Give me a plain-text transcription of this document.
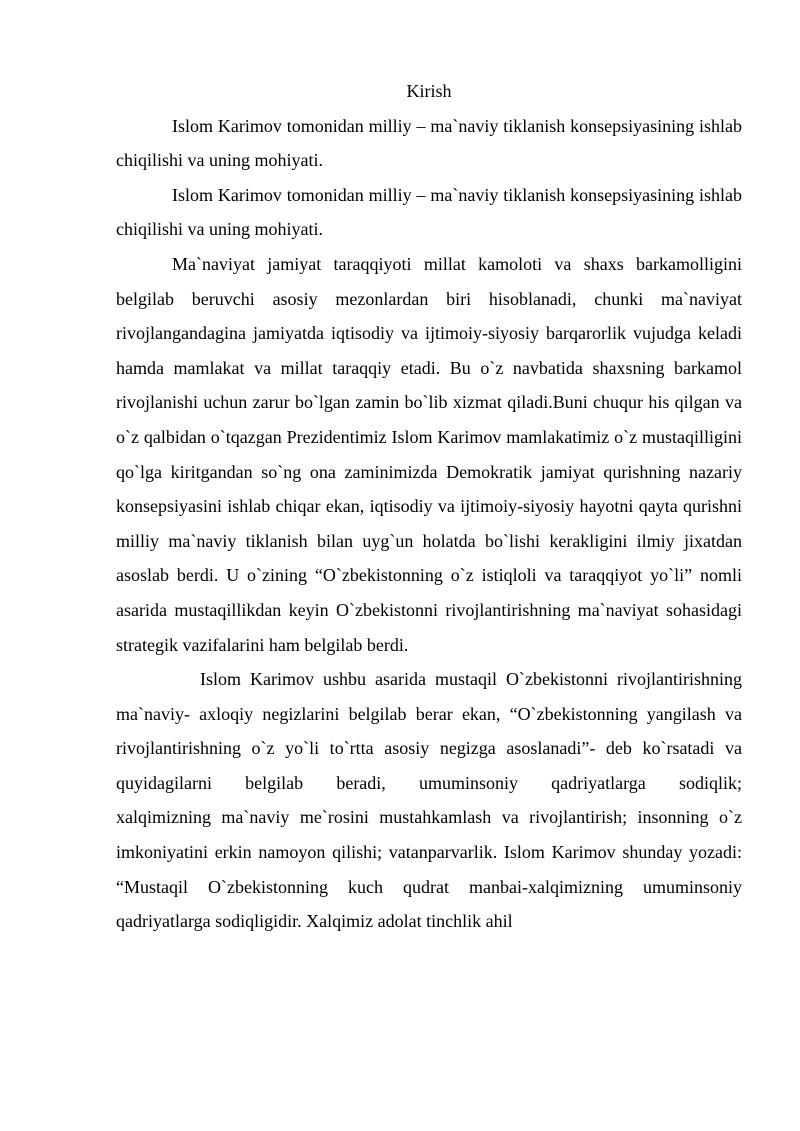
Kirish

Islom Karimov tomonidan milliy – ma`naviy tiklanish konsepsiyasining ishlab chiqilishi va uning mohiyati.

Islom Karimov tomonidan milliy – ma`naviy tiklanish konsepsiyasining ishlab chiqilishi va uning mohiyati.

Ma`naviyat jamiyat taraqqiyoti millat kamoloti va shaxs barkamolligini belgilab beruvchi asosiy mezonlardan biri hisoblanadi, chunki ma`naviyat rivojlangandagina jamiyatda iqtisodiy va ijtimoiy-siyosiy barqarorlik vujudga keladi hamda mamlakat va millat taraqqiy etadi. Bu o`z navbatida shaxsning barkamol rivojlanishi uchun zarur bo`lgan zamin bo`lib xizmat qiladi.Buni chuqur his qilgan va o`z qalbidan o`tqazgan Prezidentimiz Islom Karimov mamlakatimiz o`z mustaqilligini qo`lga kiritgandan so`ng ona zaminimizda Demokratik jamiyat qurishning nazariy konsepsiyasini ishlab chiqar ekan, iqtisodiy va ijtimoiy-siyosiy hayotni qayta qurishni milliy ma`naviy tiklanish bilan uyg`un holatda bo`lishi kerakligini ilmiy jixatdan asoslab berdi. U o`zining “O`zbekistonning o`z istiqloli va taraqqiyot yo`li” nomli asarida mustaqillikdan keyin O`zbekistonni rivojlantirishning ma`naviyat sohasidagi strategik vazifalarini ham belgilab berdi.

Islom Karimov ushbu asarida mustaqil O`zbekistonni rivojlantirishning ma`naviy- axloqiy negizlarini belgilab berar ekan, “O`zbekistonning yangilash va rivojlantirishning o`z yo`li to`rtta asosiy negizga asoslanadi”- deb ko`rsatadi va quyidagilarni belgilab beradi, umuminsoniy qadriyatlarga sodiqlik;

xalqimizning ma`naviy me`rosini mustahkamlash va rivojlantirish; insonning o`z imkoniyatini erkin namoyon qilishi; vatanparvarlik. Islom Karimov shunday yozadi: “Mustaqil O`zbekistonning kuch qudrat manbai-xalqimizning umuminsoniy qadriyatlarga sodiqligidir. Xalqimiz adolat tinchlik ahil
